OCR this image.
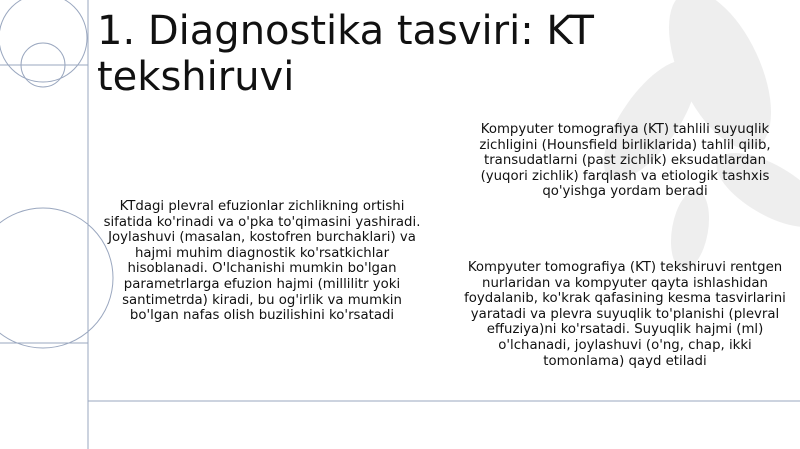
1. Diagnostika tasviri: KT tekshiruvi

KTdagi plevral efuzionlar zichlikning ortishi sifatida ko'rinadi va o'pka to'qimasini yashiradi. Joylashuvi (masalan, kostofren burchaklari) va hajmi muhim diagnostik ko'rsatkichlar hisoblanadi. O'lchanishi mumkin bo'lgan parametrlarga efuzion hajmi (millilitr yoki santimetrda) kiradi, bu og'irlik va mumkin bo'lgan nafas olish buzilishini ko'rsatadi

Kompyuter tomografiya (KT) tahlili suyuqlik zichligini (Hounsfield birliklarida) tahlil qilib, transudatlarni (past zichlik) eksudatlardan (yuqori zichlik) farqlash va etiologik tashxis qo'yishga yordam beradi

Kompyuter tomografiya (KT) tekshiruvi rentgen nurlaridan va kompyuter qayta ishlashidan foydalanib, ko'krak qafasining kesma tasvirlarini yaratadi va plevra suyuqlik to'planishi (plevral effuziya)ni ko'rsatadi. Suyuqlik hajmi (ml) o'lchanadi, joylashuvi (o'ng, chap, ikki tomonlama) qayd etiladi
